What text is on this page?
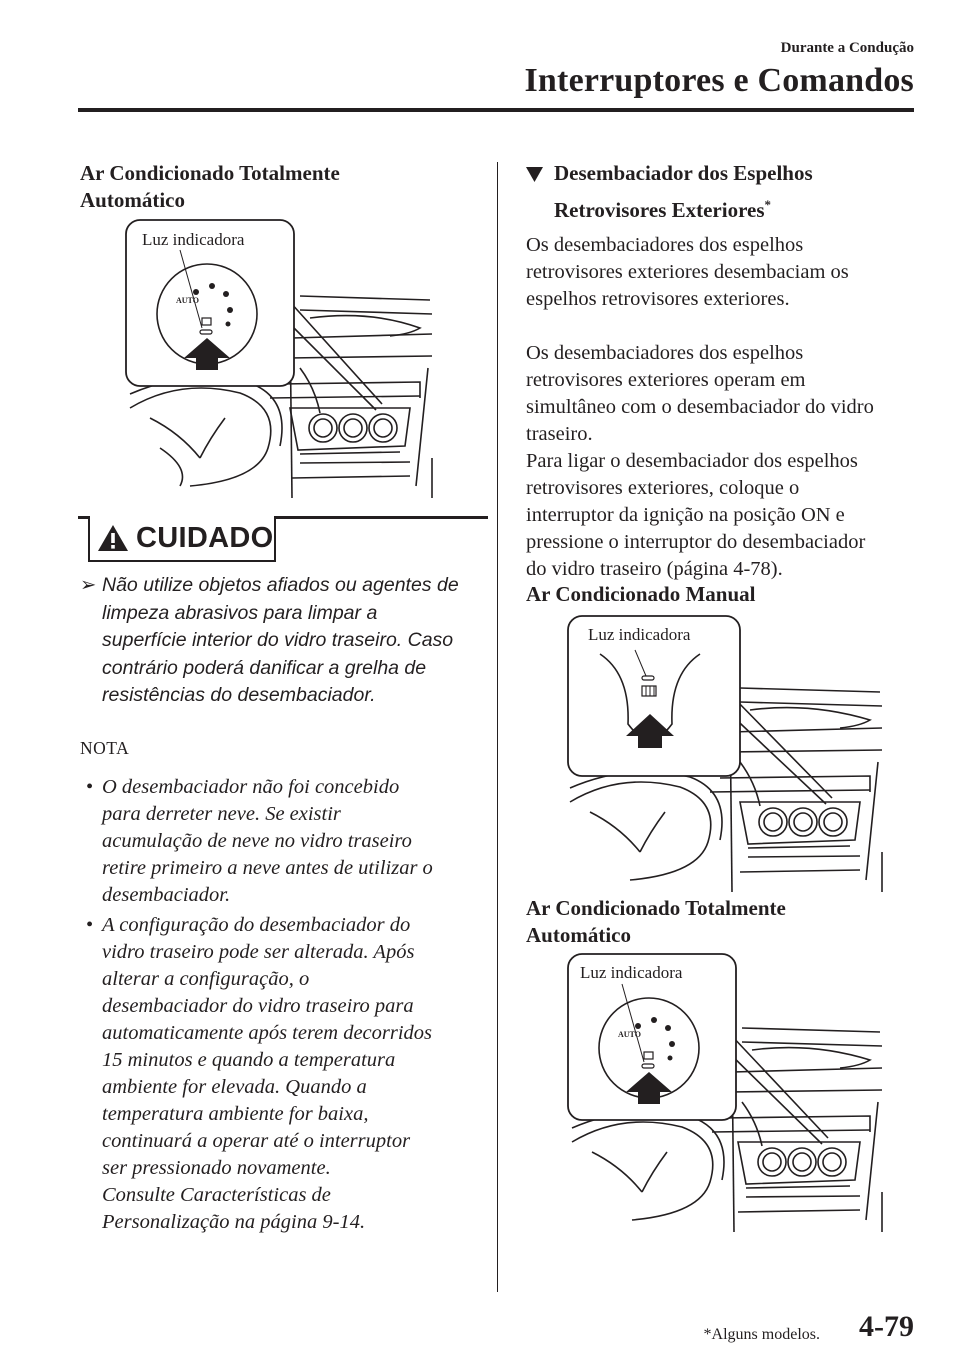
Durante a Condução
Interruptores e Comandos
Ar Condicionado Totalmente
Automático
Luz indicadora
AUTO
CUIDADO
➢ Não utilize objetos afiados ou agentes de
limpeza abrasivos para limpar a
superfície interior do vidro traseiro. Caso
contrário poderá danificar a grelha de
resistências do desembaciador.
NOTA
• O desembaciador não foi concebido
para derreter neve. Se existir
acumulação de neve no vidro traseiro
retire primeiro a neve antes de utilizar o
desembaciador.
• A configuração do desembaciador do
vidro traseiro pode ser alterada. Após
alterar a configuração, o
desembaciador do vidro traseiro para
automaticamente após terem decorridos
15 minutos e quando a temperatura
ambiente for elevada. Quando a
temperatura ambiente for baixa,
continuará a operar até o interruptor
ser pressionado novamente.
Consulte Características de
Personalização na página 9-14.
Desembaciador dos Espelhos
Retrovisores Exteriores*
Os desembaciadores dos espelhos
retrovisores exteriores desembaciam os
espelhos retrovisores exteriores.
Os desembaciadores dos espelhos
retrovisores exteriores operam em
simultâneo com o desembaciador do vidro
traseiro.
Para ligar o desembaciador dos espelhos
retrovisores exteriores, coloque o
interruptor da ignição na posição ON e
pressione o interruptor do desembaciador
do vidro traseiro (página 4-78).
Ar Condicionado Manual
Luz indicadora
Ar Condicionado Totalmente
Automático
Luz indicadora
AUTO
*Alguns modelos. 4-79
